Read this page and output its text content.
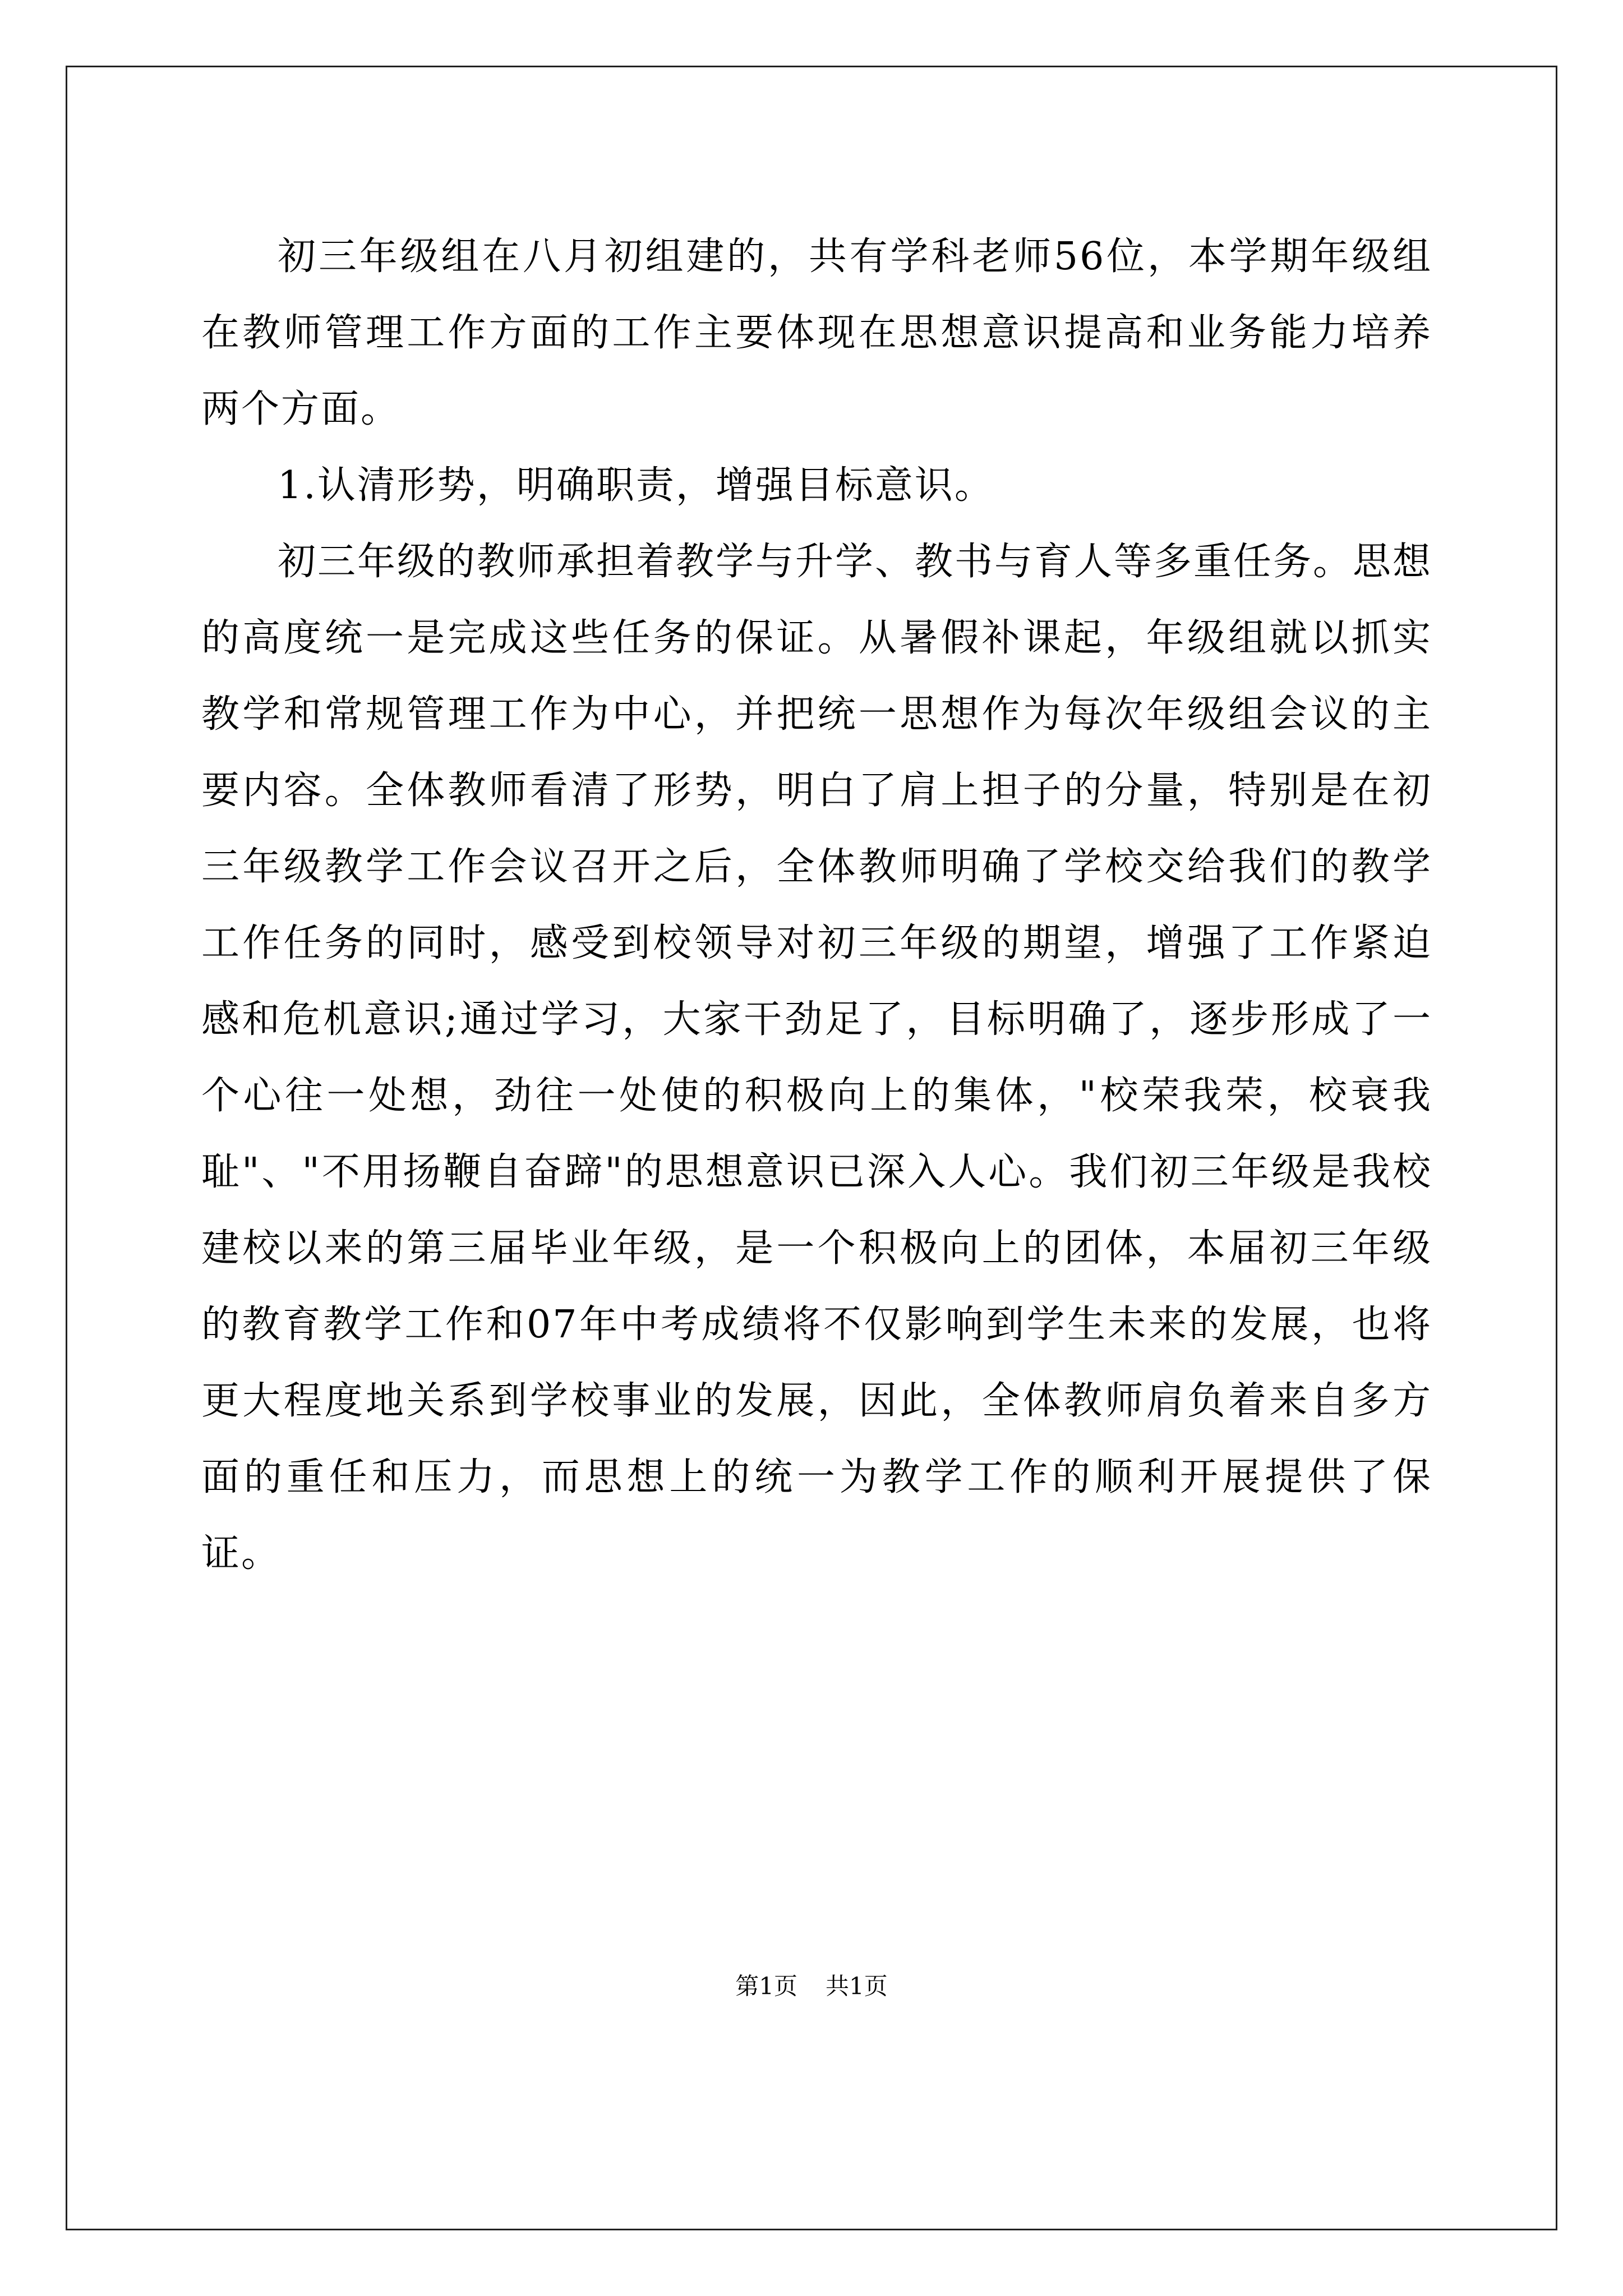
初三年级组在八月初组建的，共有学科老师56位，本学期年级组在教师管理工作方面的工作主要体现在思想意识提高和业务能力培养两个方面。

1.认清形势，明确职责，增强目标意识。

初三年级的教师承担着教学与升学、教书与育人等多重任务。思想的高度统一是完成这些任务的保证。从暑假补课起，年级组就以抓实教学和常规管理工作为中心，并把统一思想作为每次年级组会议的主要内容。全体教师看清了形势，明白了肩上担子的分量，特别是在初三年级教学工作会议召开之后，全体教师明确了学校交给我们的教学工作任务的同时，感受到校领导对初三年级的期望，增强了工作紧迫感和危机意识;通过学习，大家干劲足了，目标明确了，逐步形成了一个心往一处想，劲往一处使的积极向上的集体，"校荣我荣，校衰我耻"、"不用扬鞭自奋蹄"的思想意识已深入人心。我们初三年级是我校建校以来的第三届毕业年级，是一个积极向上的团体，本届初三年级的教育教学工作和07年中考成绩将不仅影响到学生未来的发展，也将更大程度地关系到学校事业的发展，因此，全体教师肩负着来自多方面的重任和压力，而思想上的统一为教学工作的顺利开展提供了保证。

第1页 共1页
